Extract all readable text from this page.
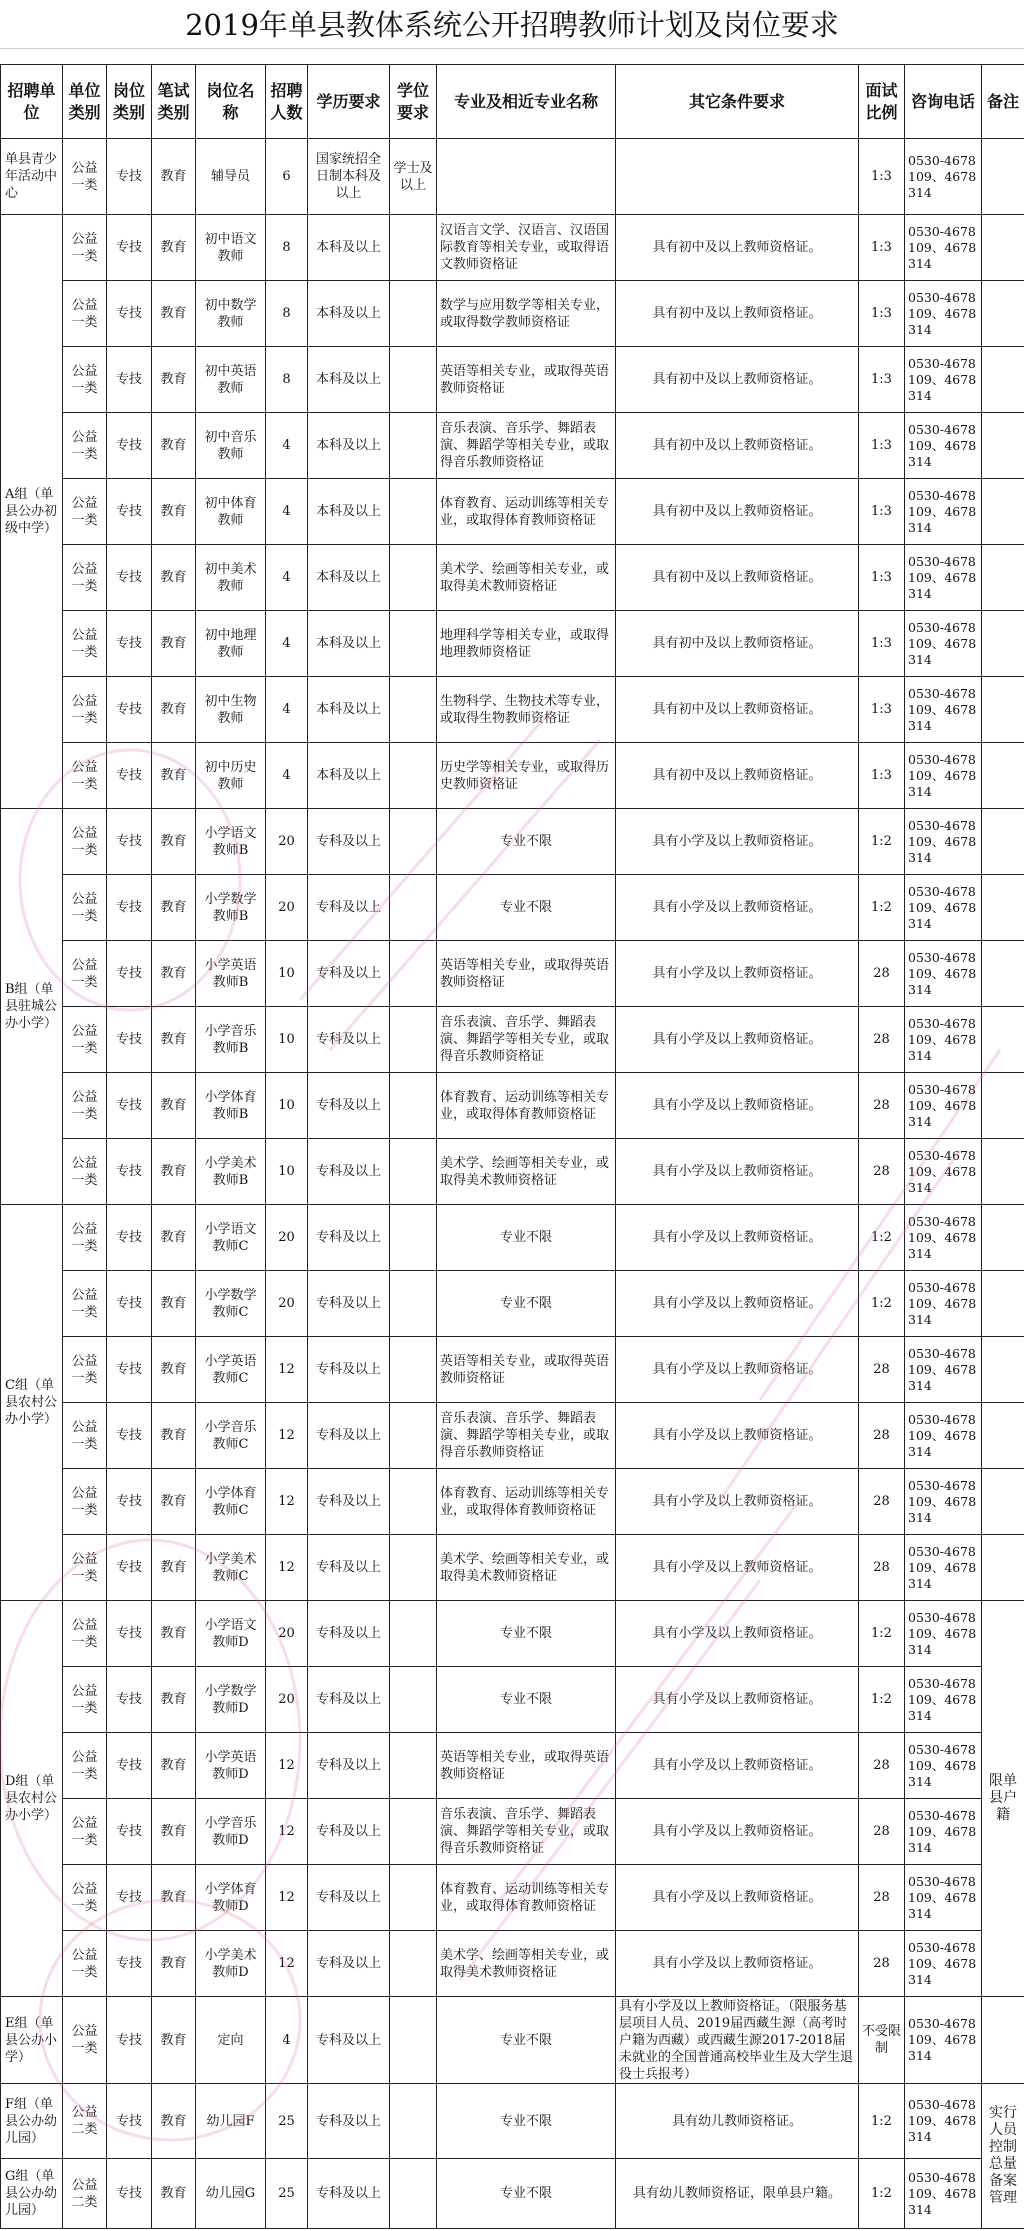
2019年单县教体系统公开招聘教师计划及岗位要求
招聘单位	单位类别	岗位类别	笔试类别	岗位名称	招聘人数	学历要求	学位要求	专业及相近专业名称	其它条件要求	面试比例	咨询电话	备注
单县青少年活动中心	公益一类	专技	教育	辅导员	6	国家统招全日制本科及以上	学士及以上			1:3	0530-4678109、4678314	
A组（单县公办初级中学）	公益一类	专技	教育	初中语文教师	8	本科及以上		汉语言文学、汉语言、汉语国际教育等相关专业，或取得语文教师资格证	具有初中及以上教师资格证。	1:3	0530-4678109、4678314	
	公益一类	专技	教育	初中数学教师	8	本科及以上		数学与应用数学等相关专业，或取得数学教师资格证	具有初中及以上教师资格证。	1:3	0530-4678109、4678314	
	公益一类	专技	教育	初中英语教师	8	本科及以上		英语等相关专业，或取得英语教师资格证	具有初中及以上教师资格证。	1:3	0530-4678109、4678314	
	公益一类	专技	教育	初中音乐教师	4	本科及以上		音乐表演、音乐学、舞蹈表演、舞蹈学等相关专业，或取得音乐教师资格证	具有初中及以上教师资格证。	1:3	0530-4678109、4678314	
	公益一类	专技	教育	初中体育教师	4	本科及以上		体育教育、运动训练等相关专业，或取得体育教师资格证	具有初中及以上教师资格证。	1:3	0530-4678109、4678314	
	公益一类	专技	教育	初中美术教师	4	本科及以上		美术学、绘画等相关专业，或取得美术教师资格证	具有初中及以上教师资格证。	1:3	0530-4678109、4678314	
	公益一类	专技	教育	初中地理教师	4	本科及以上		地理科学等相关专业，或取得地理教师资格证	具有初中及以上教师资格证。	1:3	0530-4678109、4678314	
	公益一类	专技	教育	初中生物教师	4	本科及以上		生物科学、生物技术等专业，或取得生物教师资格证	具有初中及以上教师资格证。	1:3	0530-4678109、4678314	
	公益一类	专技	教育	初中历史教师	4	本科及以上		历史学等相关专业，或取得历史教师资格证	具有初中及以上教师资格证。	1:3	0530-4678109、4678314	
B组（单县驻城公办小学）	公益一类	专技	教育	小学语文教师B	20	专科及以上		专业不限	具有小学及以上教师资格证。	1:2	0530-4678109、4678314	
	公益一类	专技	教育	小学数学教师B	20	专科及以上		专业不限	具有小学及以上教师资格证。	1:2	0530-4678109、4678314	
	公益一类	专技	教育	小学英语教师B	10	专科及以上		英语等相关专业，或取得英语教师资格证	具有小学及以上教师资格证。	28	0530-4678109、4678314	
	公益一类	专技	教育	小学音乐教师B	10	专科及以上		音乐表演、音乐学、舞蹈表演、舞蹈学等相关专业，或取得音乐教师资格证	具有小学及以上教师资格证。	28	0530-4678109、4678314	
	公益一类	专技	教育	小学体育教师B	10	专科及以上		体育教育、运动训练等相关专业，或取得体育教师资格证	具有小学及以上教师资格证。	28	0530-4678109、4678314	
	公益一类	专技	教育	小学美术教师B	10	专科及以上		美术学、绘画等相关专业，或取得美术教师资格证	具有小学及以上教师资格证。	28	0530-4678109、4678314	
C组（单县农村公办小学）	公益一类	专技	教育	小学语文教师C	20	专科及以上		专业不限	具有小学及以上教师资格证。	1:2	0530-4678109、4678314	
	公益一类	专技	教育	小学数学教师C	20	专科及以上		专业不限	具有小学及以上教师资格证。	1:2	0530-4678109、4678314	
	公益一类	专技	教育	小学英语教师C	12	专科及以上		英语等相关专业，或取得英语教师资格证	具有小学及以上教师资格证。	28	0530-4678109、4678314	
	公益一类	专技	教育	小学音乐教师C	12	专科及以上		音乐表演、音乐学、舞蹈表演、舞蹈学等相关专业，或取得音乐教师资格证	具有小学及以上教师资格证。	28	0530-4678109、4678314	
	公益一类	专技	教育	小学体育教师C	12	专科及以上		体育教育、运动训练等相关专业，或取得体育教师资格证	具有小学及以上教师资格证。	28	0530-4678109、4678314	
	公益一类	专技	教育	小学美术教师C	12	专科及以上		美术学、绘画等相关专业，或取得美术教师资格证	具有小学及以上教师资格证。	28	0530-4678109、4678314	
D组（单县农村公办小学）	公益一类	专技	教育	小学语文教师D	20	专科及以上		专业不限	具有小学及以上教师资格证。	1:2	0530-4678109、4678314	限单县户籍
	公益一类	专技	教育	小学数学教师D	20	专科及以上		专业不限	具有小学及以上教师资格证。	1:2	0530-4678109、4678314	
	公益一类	专技	教育	小学英语教师D	12	专科及以上		英语等相关专业，或取得英语教师资格证	具有小学及以上教师资格证。	28	0530-4678109、4678314	
	公益一类	专技	教育	小学音乐教师D	12	专科及以上		音乐表演、音乐学、舞蹈表演、舞蹈学等相关专业，或取得音乐教师资格证	具有小学及以上教师资格证。	28	0530-4678109、4678314	
	公益一类	专技	教育	小学体育教师D	12	专科及以上		体育教育、运动训练等相关专业，或取得体育教师资格证	具有小学及以上教师资格证。	28	0530-4678109、4678314	
	公益一类	专技	教育	小学美术教师D	12	专科及以上		美术学、绘画等相关专业，或取得美术教师资格证	具有小学及以上教师资格证。	28	0530-4678109、4678314	
E组（单县公办小学）	公益一类	专技	教育	定向	4	专科及以上		专业不限	具有小学及以上教师资格证。（限服务基层项目人员、2019届西藏生源（高考时户籍为西藏）或西藏生源2017-2018届未就业的全国普通高校毕业生及大学生退役士兵报考）	不受限制	0530-4678109、4678314	
F组（单县公办幼儿园）	公益二类	专技	教育	幼儿园F	25	专科及以上		专业不限	具有幼儿教师资格证。	1:2	0530-4678109、4678314	实行人员控制总量备案管理
G组（单县公办幼儿园）	公益二类	专技	教育	幼儿园G	25	专科及以上		专业不限	具有幼儿教师资格证，限单县户籍。	1:2	0530-4678109、4678314	
